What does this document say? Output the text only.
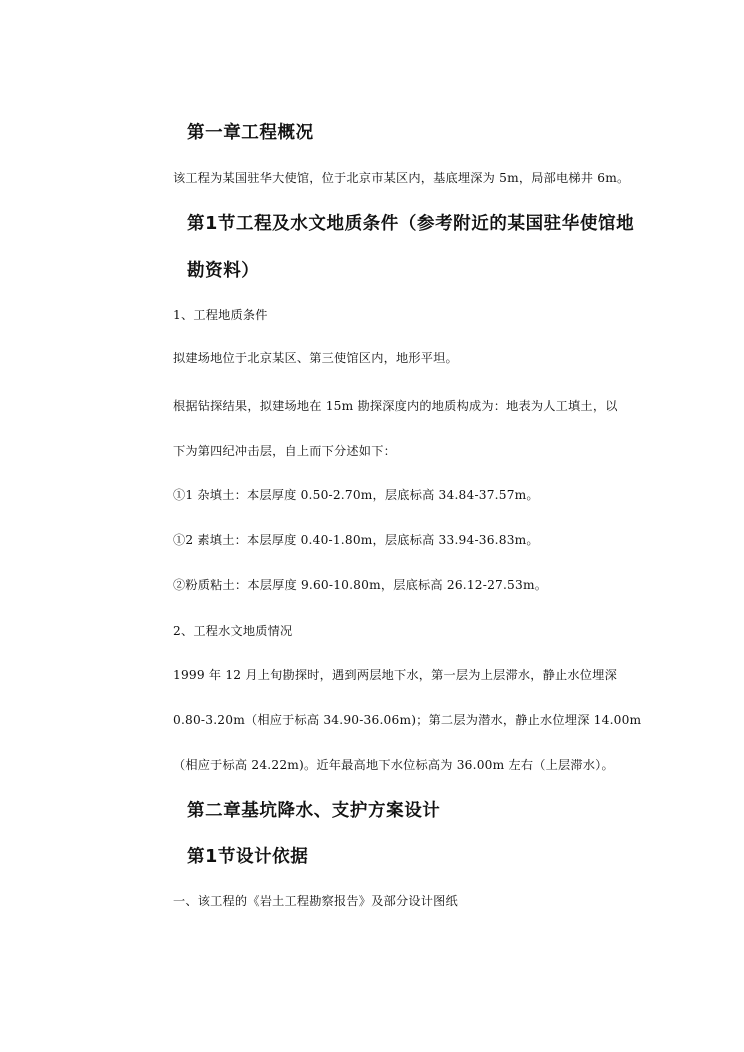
第一章工程概况
该工程为某国驻华大使馆，位于北京市某区内，基底埋深为 5m，局部电梯井 6m。
第1节工程及水文地质条件（参考附近的某国驻华使馆地
勘资料）
1、工程地质条件
拟建场地位于北京某区、第三使馆区内，地形平坦。
根据钻探结果，拟建场地在 15m 勘探深度内的地质构成为：地表为人工填土，以
下为第四纪冲击层，自上而下分述如下：
①1 杂填土：本层厚度 0.50-2.70m，层底标高 34.84-37.57m。
①2 素填土：本层厚度 0.40-1.80m，层底标高 33.94-36.83m。
②粉质粘土：本层厚度 9.60-10.80m，层底标高 26.12-27.53m。
2、工程水文地质情况
1999 年 12 月上旬勘探时，遇到两层地下水，第一层为上层滞水，静止水位埋深
0.80-3.20m（相应于标高 34.90-36.06m)；第二层为潜水，静止水位埋深 14.00m
（相应于标高 24.22m)。近年最高地下水位标高为 36.00m 左右（上层滞水）。
第二章基坑降水、支护方案设计
第1节设计依据
一、该工程的《岩土工程勘察报告》及部分设计图纸
